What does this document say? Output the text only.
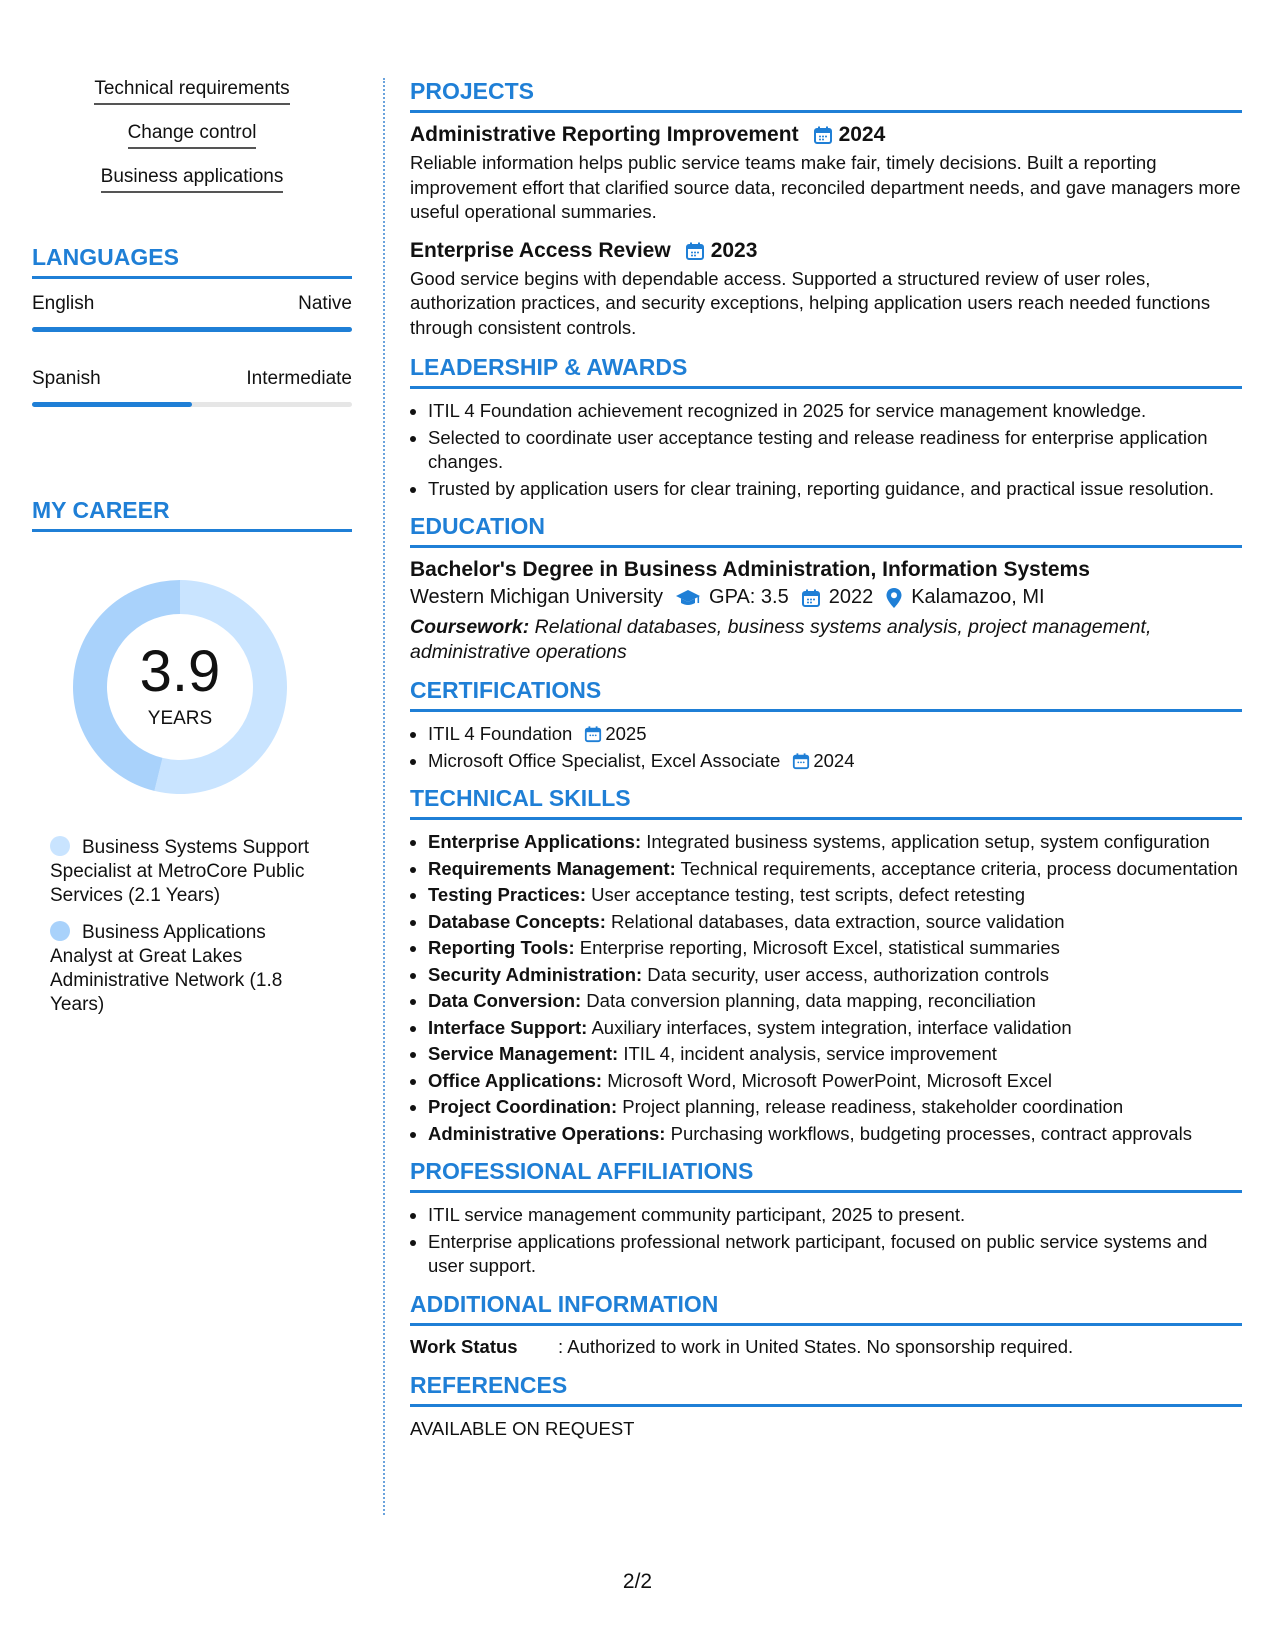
Technical requirements
Change control
Business applications
LANGUAGES
English	Native
Spanish	Intermediate
MY CAREER
3.9
YEARS
Business Systems Support Specialist at MetroCore Public Services (2.1 Years)
Business Applications Analyst at Great Lakes Administrative Network (1.8 Years)
PROJECTS
Administrative Reporting Improvement 2024
Reliable information helps public service teams make fair, timely decisions. Built a reporting improvement effort that clarified source data, reconciled department needs, and gave managers more useful operational summaries.
Enterprise Access Review 2023
Good service begins with dependable access. Supported a structured review of user roles, authorization practices, and security exceptions, helping application users reach needed functions through consistent controls.
LEADERSHIP & AWARDS
• ITIL 4 Foundation achievement recognized in 2025 for service management knowledge.
• Selected to coordinate user acceptance testing and release readiness for enterprise application changes.
• Trusted by application users for clear training, reporting guidance, and practical issue resolution.
EDUCATION
Bachelor's Degree in Business Administration, Information Systems
Western Michigan University GPA: 3.5 2022 Kalamazoo, MI
Coursework: Relational databases, business systems analysis, project management, administrative operations
CERTIFICATIONS
• ITIL 4 Foundation 2025
• Microsoft Office Specialist, Excel Associate 2024
TECHNICAL SKILLS
• Enterprise Applications: Integrated business systems, application setup, system configuration
• Requirements Management: Technical requirements, acceptance criteria, process documentation
• Testing Practices: User acceptance testing, test scripts, defect retesting
• Database Concepts: Relational databases, data extraction, source validation
• Reporting Tools: Enterprise reporting, Microsoft Excel, statistical summaries
• Security Administration: Data security, user access, authorization controls
• Data Conversion: Data conversion planning, data mapping, reconciliation
• Interface Support: Auxiliary interfaces, system integration, interface validation
• Service Management: ITIL 4, incident analysis, service improvement
• Office Applications: Microsoft Word, Microsoft PowerPoint, Microsoft Excel
• Project Coordination: Project planning, release readiness, stakeholder coordination
• Administrative Operations: Purchasing workflows, budgeting processes, contract approvals
PROFESSIONAL AFFILIATIONS
• ITIL service management community participant, 2025 to present.
• Enterprise applications professional network participant, focused on public service systems and user support.
ADDITIONAL INFORMATION
Work Status	: Authorized to work in United States. No sponsorship required.
REFERENCES
AVAILABLE ON REQUEST
2/2
